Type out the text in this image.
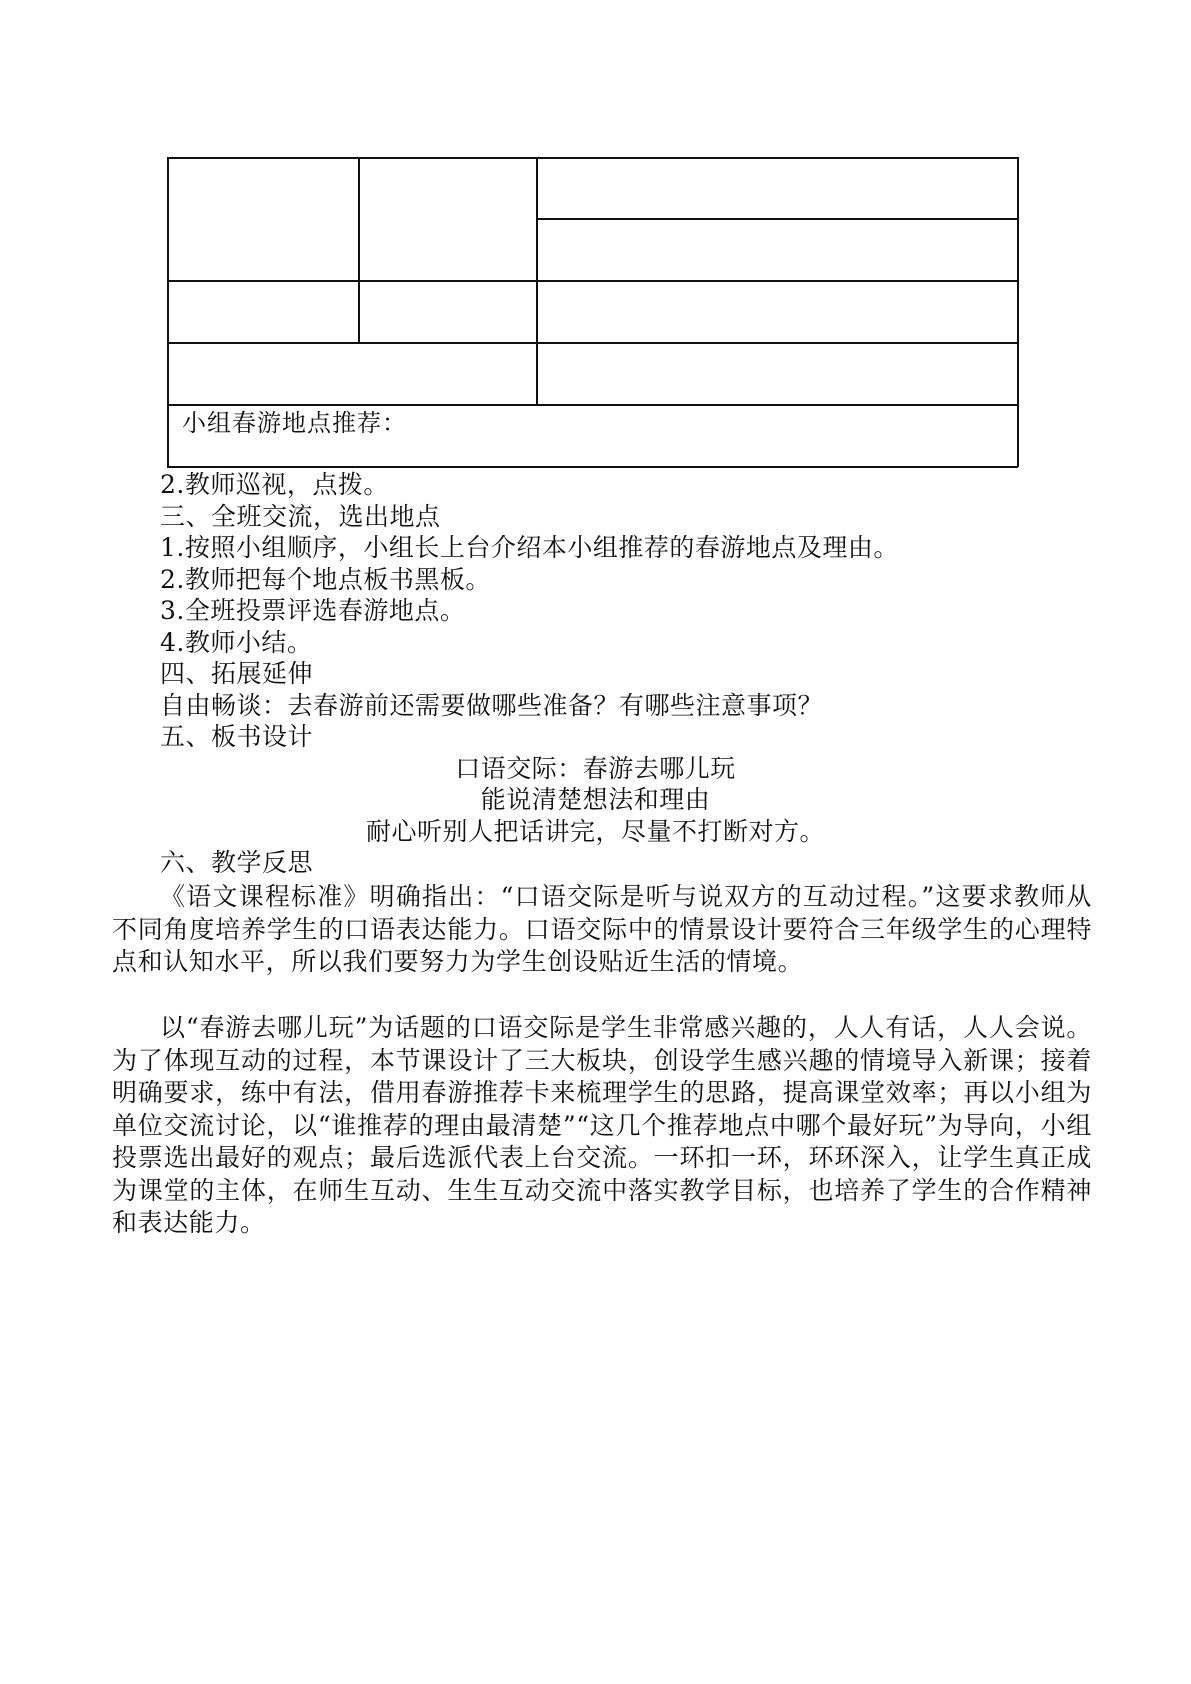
小组春游地点推荐：
2.教师巡视，点拨。
三、全班交流，选出地点
1.按照小组顺序，小组长上台介绍本小组推荐的春游地点及理由。
2.教师把每个地点板书黑板。
3.全班投票评选春游地点。
4.教师小结。
四、拓展延伸
自由畅谈：去春游前还需要做哪些准备？有哪些注意事项？
五、板书设计
口语交际：春游去哪儿玩
能说清楚想法和理由
耐心听别人把话讲完，尽量不打断对方。
六、教学反思
《语文课程标准》明确指出：“口语交际是听与说双方的互动过程。”这要求教师从不同角度培养学生的口语表达能力。口语交际中的情景设计要符合三年级学生的心理特点和认知水平，所以我们要努力为学生创设贴近生活的情境。
以“春游去哪儿玩”为话题的口语交际是学生非常感兴趣的，人人有话，人人会说。为了体现互动的过程，本节课设计了三大板块，创设学生感兴趣的情境导入新课；接着明确要求，练中有法，借用春游推荐卡来梳理学生的思路，提高课堂效率；再以小组为单位交流讨论，以“谁推荐的理由最清楚”“这几个推荐地点中哪个最好玩”为导向，小组投票选出最好的观点；最后选派代表上台交流。一环扣一环，环环深入，让学生真正成为课堂的主体，在师生互动、生生互动交流中落实教学目标，也培养了学生的合作精神和表达能力。
